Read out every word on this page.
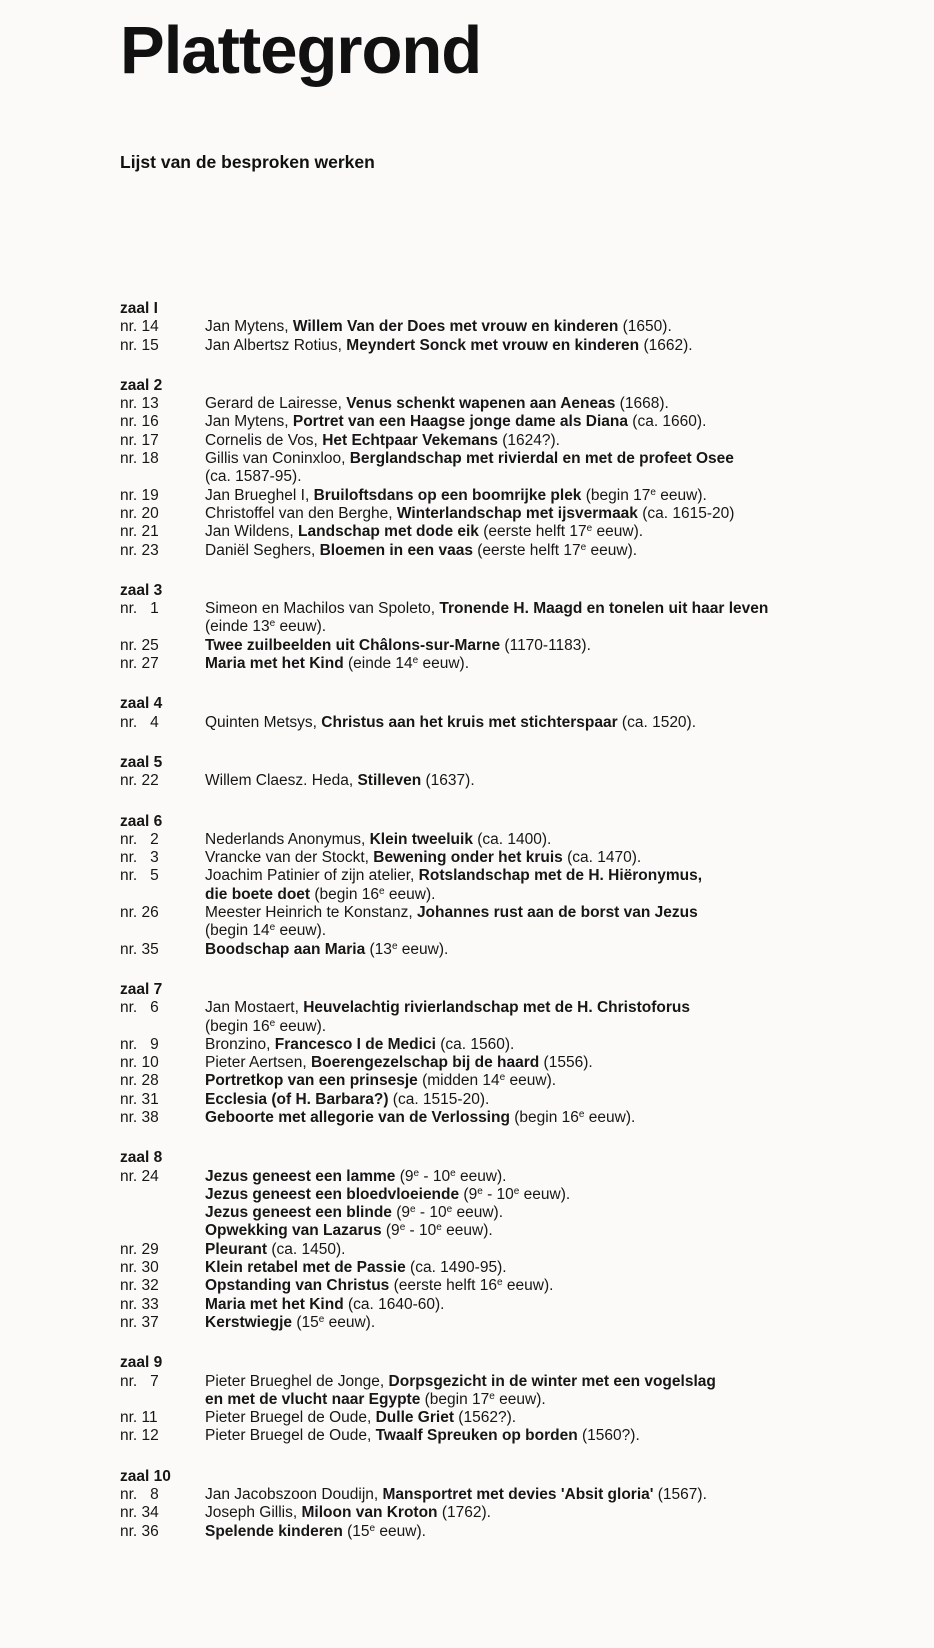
Plattegrond
Lijst van de besproken werken
zaal I
nr. 14	Jan Mytens, Willem Van der Does met vrouw en kinderen (1650).
nr. 15	Jan Albertsz Rotius, Meyndert Sonck met vrouw en kinderen (1662).
zaal 2
nr. 13	Gerard de Lairesse, Venus schenkt wapenen aan Aeneas (1668).
nr. 16	Jan Mytens, Portret van een Haagse jonge dame als Diana (ca. 1660).
nr. 17	Cornelis de Vos, Het Echtpaar Vekemans (1624?).
nr. 18	Gillis van Coninxloo, Berglandschap met rivierdal en met de profeet Osee
(ca. 1587-95).
nr. 19	Jan Brueghel I, Bruiloftsdans op een boomrijke plek (begin 17e eeuw).
nr. 20	Christoffel van den Berghe, Winterlandschap met ijsvermaak (ca. 1615-20)
nr. 21	Jan Wildens, Landschap met dode eik (eerste helft 17e eeuw).
nr. 23	Daniël Seghers, Bloemen in een vaas (eerste helft 17e eeuw).
zaal 3
nr.   1	Simeon en Machilos van Spoleto, Tronende H. Maagd en tonelen uit haar leven
(einde 13e eeuw).
nr. 25	Twee zuilbeelden uit Châlons-sur-Marne (1170-1183).
nr. 27	Maria met het Kind (einde 14e eeuw).
zaal 4
nr.   4	Quinten Metsys, Christus aan het kruis met stichterspaar (ca. 1520).
zaal 5
nr. 22	Willem Claesz. Heda, Stilleven (1637).
zaal 6
nr.   2	Nederlands Anonymus, Klein tweeluik (ca. 1400).
nr.   3	Vrancke van der Stockt, Bewening onder het kruis (ca. 1470).
nr.   5	Joachim Patinier of zijn atelier, Rotslandschap met de H. Hiëronymus,
die boete doet (begin 16e eeuw).
nr. 26	Meester Heinrich te Konstanz, Johannes rust aan de borst van Jezus
(begin 14e eeuw).
nr. 35	Boodschap aan Maria (13e eeuw).
zaal 7
nr.   6	Jan Mostaert, Heuvelachtig rivierlandschap met de H. Christoforus
(begin 16e eeuw).
nr.   9	Bronzino, Francesco I de Medici (ca. 1560).
nr. 10	Pieter Aertsen, Boerengezelschap bij de haard (1556).
nr. 28	Portretkop van een prinsesje (midden 14e eeuw).
nr. 31	Ecclesia (of H. Barbara?) (ca. 1515-20).
nr. 38	Geboorte met allegorie van de Verlossing (begin 16e eeuw).
zaal 8
nr. 24	Jezus geneest een lamme (9e - 10e eeuw).
Jezus geneest een bloedvloeiende (9e - 10e eeuw).
Jezus geneest een blinde (9e - 10e eeuw).
Opwekking van Lazarus (9e - 10e eeuw).
nr. 29	Pleurant (ca. 1450).
nr. 30	Klein retabel met de Passie (ca. 1490-95).
nr. 32	Opstanding van Christus (eerste helft 16e eeuw).
nr. 33	Maria met het Kind (ca. 1640-60).
nr. 37	Kerstwiegje (15e eeuw).
zaal 9
nr.   7	Pieter Brueghel de Jonge, Dorpsgezicht in de winter met een vogelslag
en met de vlucht naar Egypte (begin 17e eeuw).
nr. 11	Pieter Bruegel de Oude, Dulle Griet (1562?).
nr. 12	Pieter Bruegel de Oude, Twaalf Spreuken op borden (1560?).
zaal 10
nr.   8	Jan Jacobszoon Doudijn, Mansportret met devies 'Absit gloria' (1567).
nr. 34	Joseph Gillis, Miloon van Kroton (1762).
nr. 36	Spelende kinderen (15e eeuw).
